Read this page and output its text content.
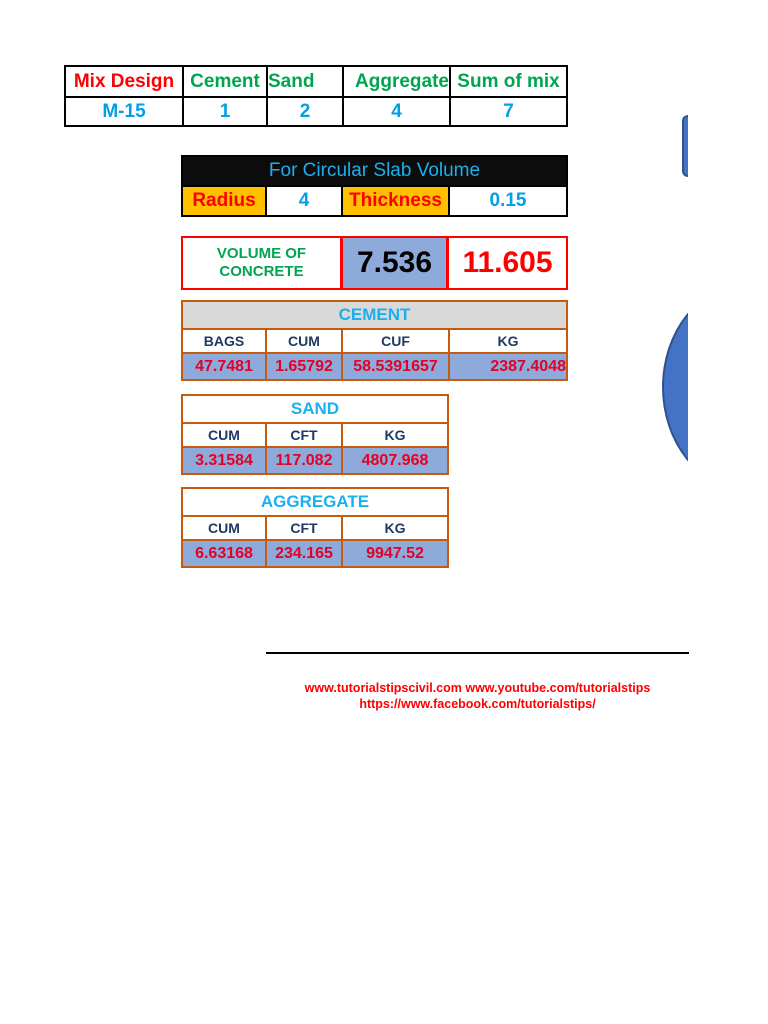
Mix Design	Cement	Sand	Aggregate	Sum of mix
M-15	1	2	4	7
For Circular Slab Volume
Radius	4	Thickness	0.15
VOLUME OF
CONCRETE	7.536	11.605
CEMENT			
BAGS	CUM	CUF	KG
47.7481	1.65792	58.5391657	2387.4048
SAND		
CUM	CFT	KG
3.31584	117.082	4807.968
AGGREGATE		
CUM	CFT	KG
6.63168	234.165	9947.52
www.tutorialstipscivil.com www.youtube.com/tutorialstips
https://www.facebook.com/tutorialstips/
